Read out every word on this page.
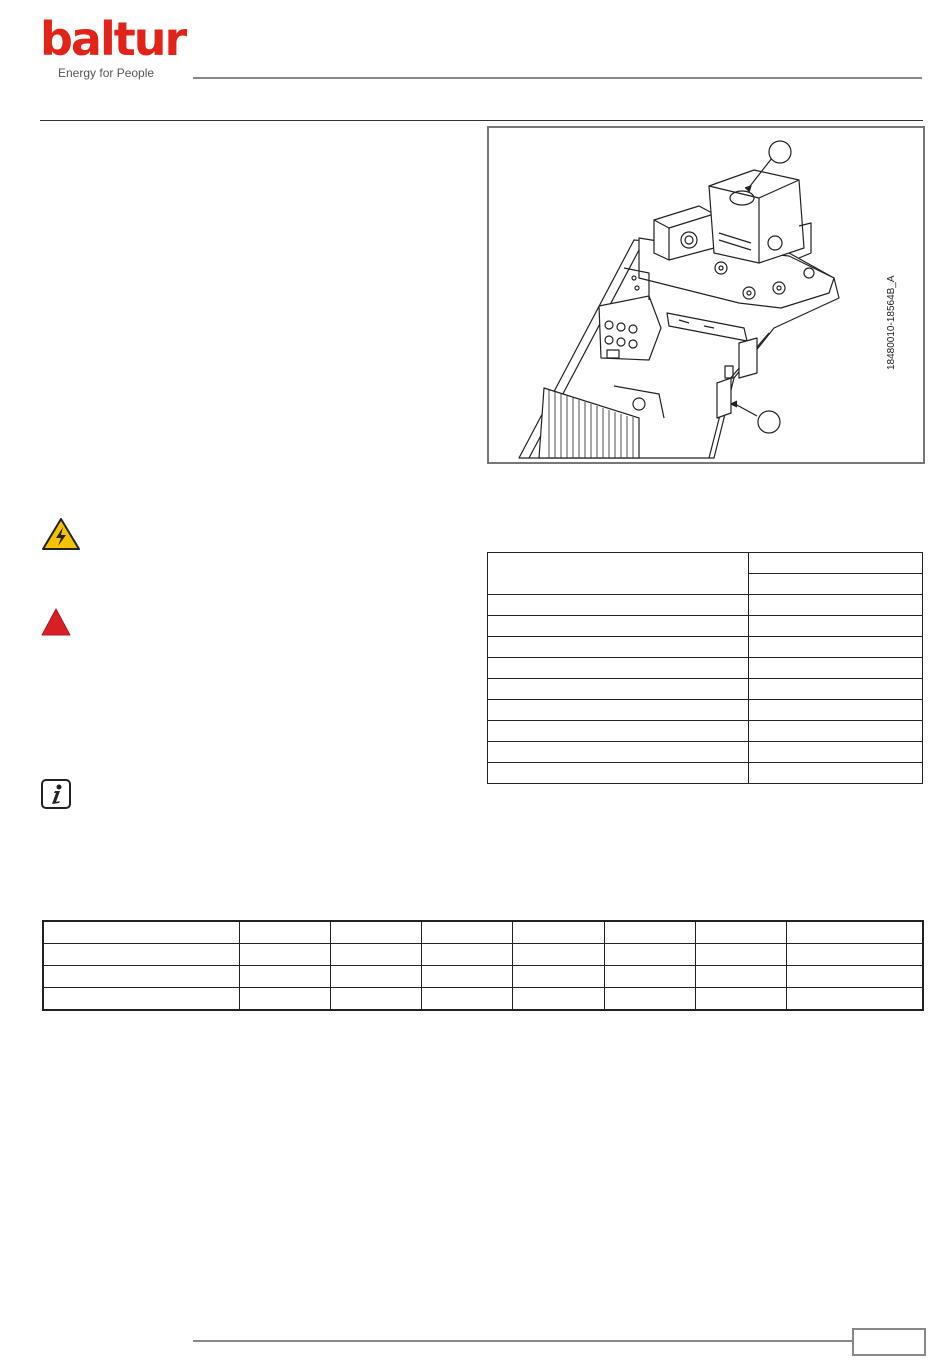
baltur
Energy for People
18480010-18564B_A
